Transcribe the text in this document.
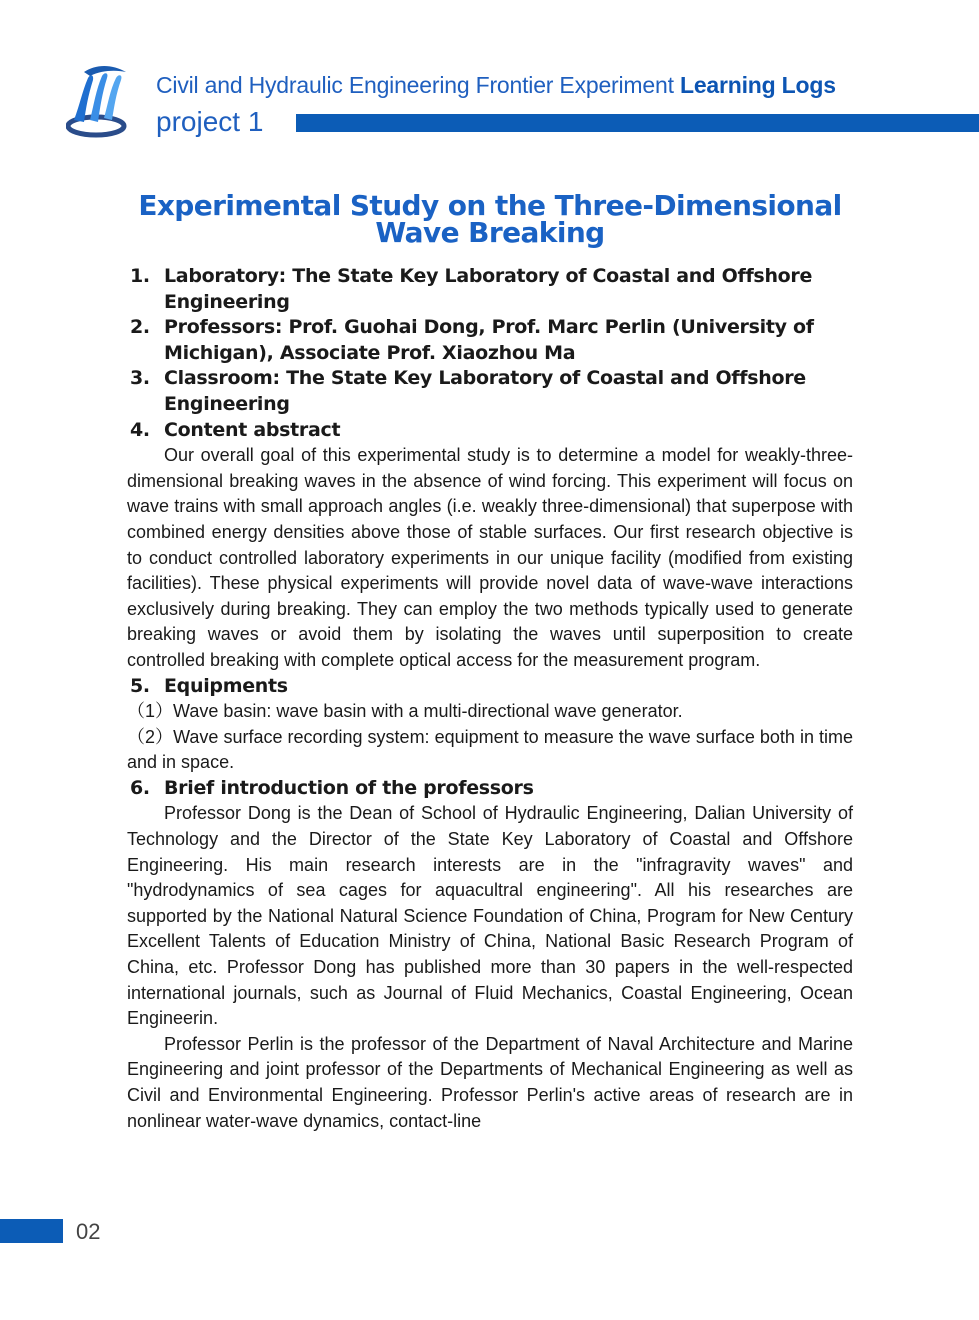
Civil and Hydraulic Engineering Frontier Experiment Learning Logs
project 1
Experimental Study on the Three-Dimensional
Wave Breaking
1. Laboratory: The State Key Laboratory of Coastal and Offshore Engineering
2. Professors: Prof. Guohai Dong, Prof. Marc Perlin (University of Michigan), Associate Prof. Xiaozhou Ma
3. Classroom: The State Key Laboratory of Coastal and Offshore Engineering
4. Content abstract

Our overall goal of this experimental study is to determine a model for weakly-three-dimensional breaking waves in the absence of wind forcing. This experiment will focus on wave trains with small approach angles (i.e. weakly three-dimensional) that superpose with combined energy densities above those of stable surfaces. Our first research objective is to conduct controlled laboratory experiments in our unique facility (modified from existing facilities). These physical experiments will provide novel data of wave-wave interactions exclusively during breaking. They can employ the two methods typically used to generate breaking waves or avoid them by isolating the waves until superposition to create controlled breaking with complete optical access for the measurement program.

5. Equipments

（1）Wave basin: wave basin with a multi-directional wave generator.

（2）Wave surface recording system: equipment to measure the wave surface both in time and in space.

6. Brief introduction of the professors

Professor Dong is the Dean of School of Hydraulic Engineering, Dalian University of Technology and the Director of the State Key Laboratory of Coastal and Offshore Engineering. His main research interests are in the "infragravity waves" and "hydrodynamics of sea cages for aquacultral engineering". All his researches are supported by the National Natural Science Foundation of China, Program for New Century Excellent Talents of Education Ministry of China, National Basic Research Program of China, etc. Professor Dong has published more than 30 papers in the well-respected international journals, such as Journal of Fluid Mechanics, Coastal Engineering, Ocean Engineerin.

Professor Perlin is the professor of the Department of Naval Architecture and Marine Engineering and joint professor of the Departments of Mechanical Engineering as well as Civil and Environmental Engineering. Professor Perlin's active areas of research are in nonlinear water-wave dynamics, contact-line

02
